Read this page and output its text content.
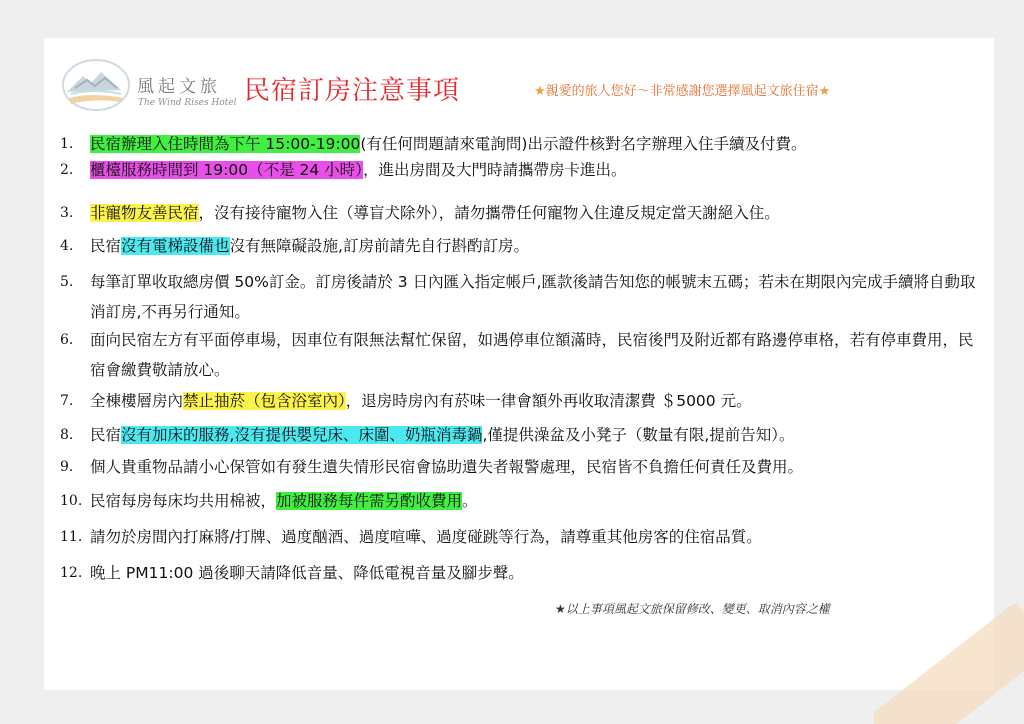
風起文旅
The Wind Rises Hotel 民宿訂房注意事項	★親愛的旅人您好～非常感謝您選擇風起文旅住宿★
1. 民宿辦理入住時間為下午 15:00-19:00(有任何問題請來電詢問)出示證件核對名字辦理入住手續及付費。
2. 櫃檯服務時間到 19:00（不是 24 小時），進出房間及大門時請攜帶房卡進出。
3. 非寵物友善民宿，沒有接待寵物入住（導盲犬除外），請勿攜帶任何寵物入住違反規定當天謝絕入住。
4. 民宿沒有電梯設備也沒有無障礙設施,訂房前請先自行斟酌訂房。
5. 每筆訂單收取總房價 50%訂金。訂房後請於 3 日內匯入指定帳戶,匯款後請告知您的帳號末五碼；若未在期限內完成手續將自動取消訂房,不再另行通知。
6. 面向民宿左方有平面停車場，因車位有限無法幫忙保留，如遇停車位額滿時，民宿後門及附近都有路邊停車格，若有停車費用，民宿會繳費敬請放心。
7. 全棟樓層房內禁止抽菸（包含浴室內），退房時房內有菸味一律會額外再收取清潔費 ＄5000 元。
8. 民宿沒有加床的服務,沒有提供嬰兒床、床圍、奶瓶消毒鍋,僅提供澡盆及小凳子（數量有限,提前告知）。
9. 個人貴重物品請小心保管如有發生遺失情形民宿會協助遺失者報警處理，民宿皆不負擔任何責任及費用。
10. 民宿每房每床均共用棉被，加被服務每件需另酌收費用。
11. 請勿於房間內打麻將/打牌、過度酗酒、過度喧嘩、過度碰跳等行為，請尊重其他房客的住宿品質。
12. 晚上 PM11:00 過後聊天請降低音量、降低電視音量及腳步聲。
★以上事項風起文旅保留修改、變更、取消內容之權
